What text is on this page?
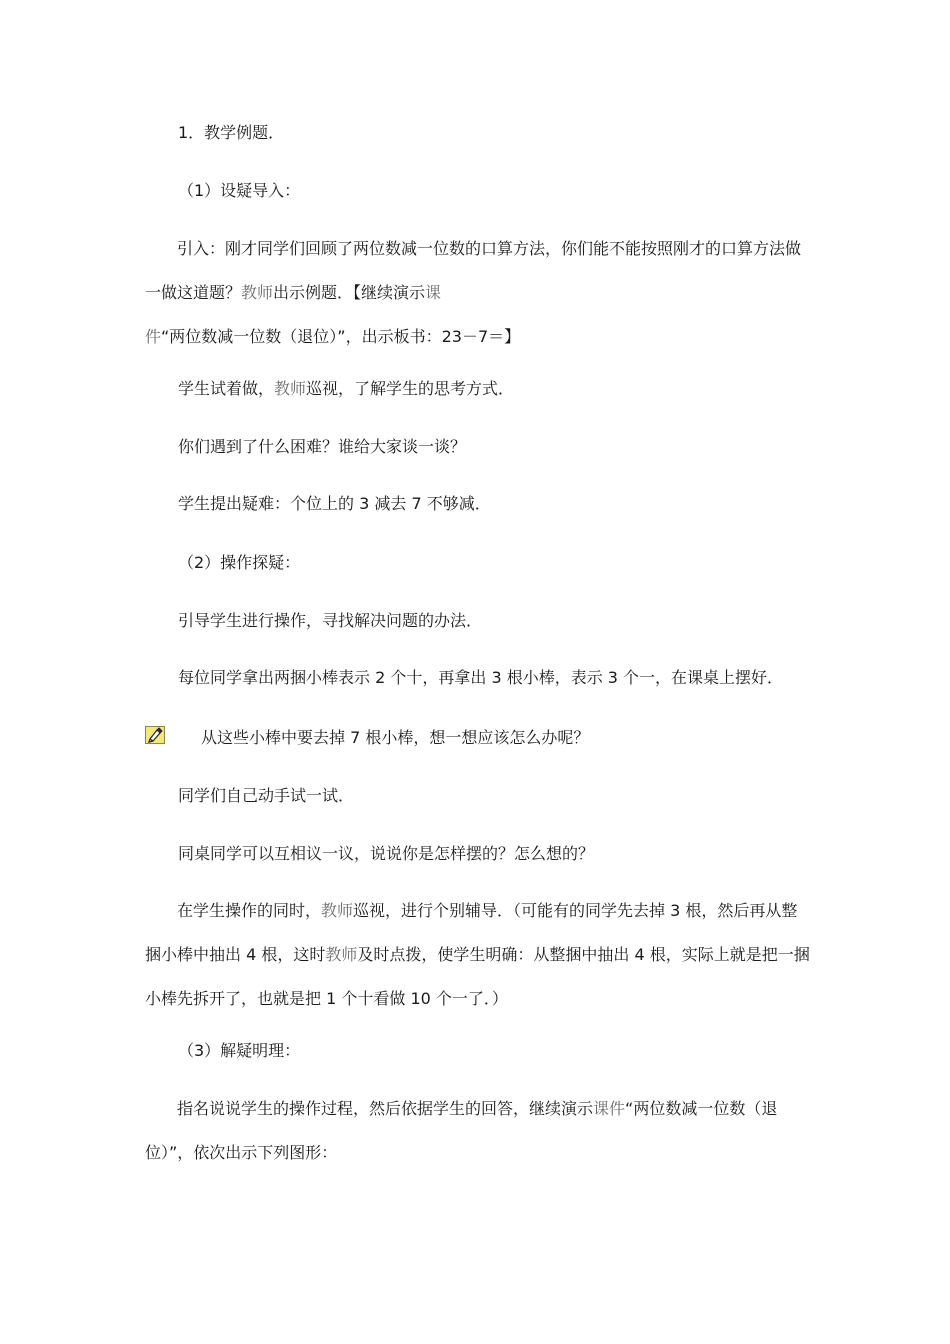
1．教学例题．

（1）设疑导入：

引入：刚才同学们回顾了两位数减一位数的口算方法，你们能不能按照刚才的口算方法做一做这道题？教师出示例题．【继续演示课件“两位数减一位数（退位）”，出示板书：23－7＝】

学生试着做，教师巡视，了解学生的思考方式．

你们遇到了什么困难？谁给大家谈一谈？

学生提出疑难：个位上的 3 减去 7 不够减．

（2）操作探疑：

引导学生进行操作，寻找解决问题的办法．

每位同学拿出两捆小棒表示 2 个十，再拿出 3 根小棒，表示 3 个一，在课桌上摆好．

从这些小棒中要去掉 7 根小棒，想一想应该怎么办呢？

同学们自己动手试一试．

同桌同学可以互相议一议，说说你是怎样摆的？怎么想的？

在学生操作的同时，教师巡视，进行个别辅导．（可能有的同学先去掉 3 根，然后再从整捆小棒中抽出 4 根，这时教师及时点拨，使学生明确：从整捆中抽出 4 根，实际上就是把一捆小棒先拆开了，也就是把 1 个十看做 10 个一了．）

（3）解疑明理：

指名说说学生的操作过程，然后依据学生的回答，继续演示课件“两位数减一位数（退位）”，依次出示下列图形：
